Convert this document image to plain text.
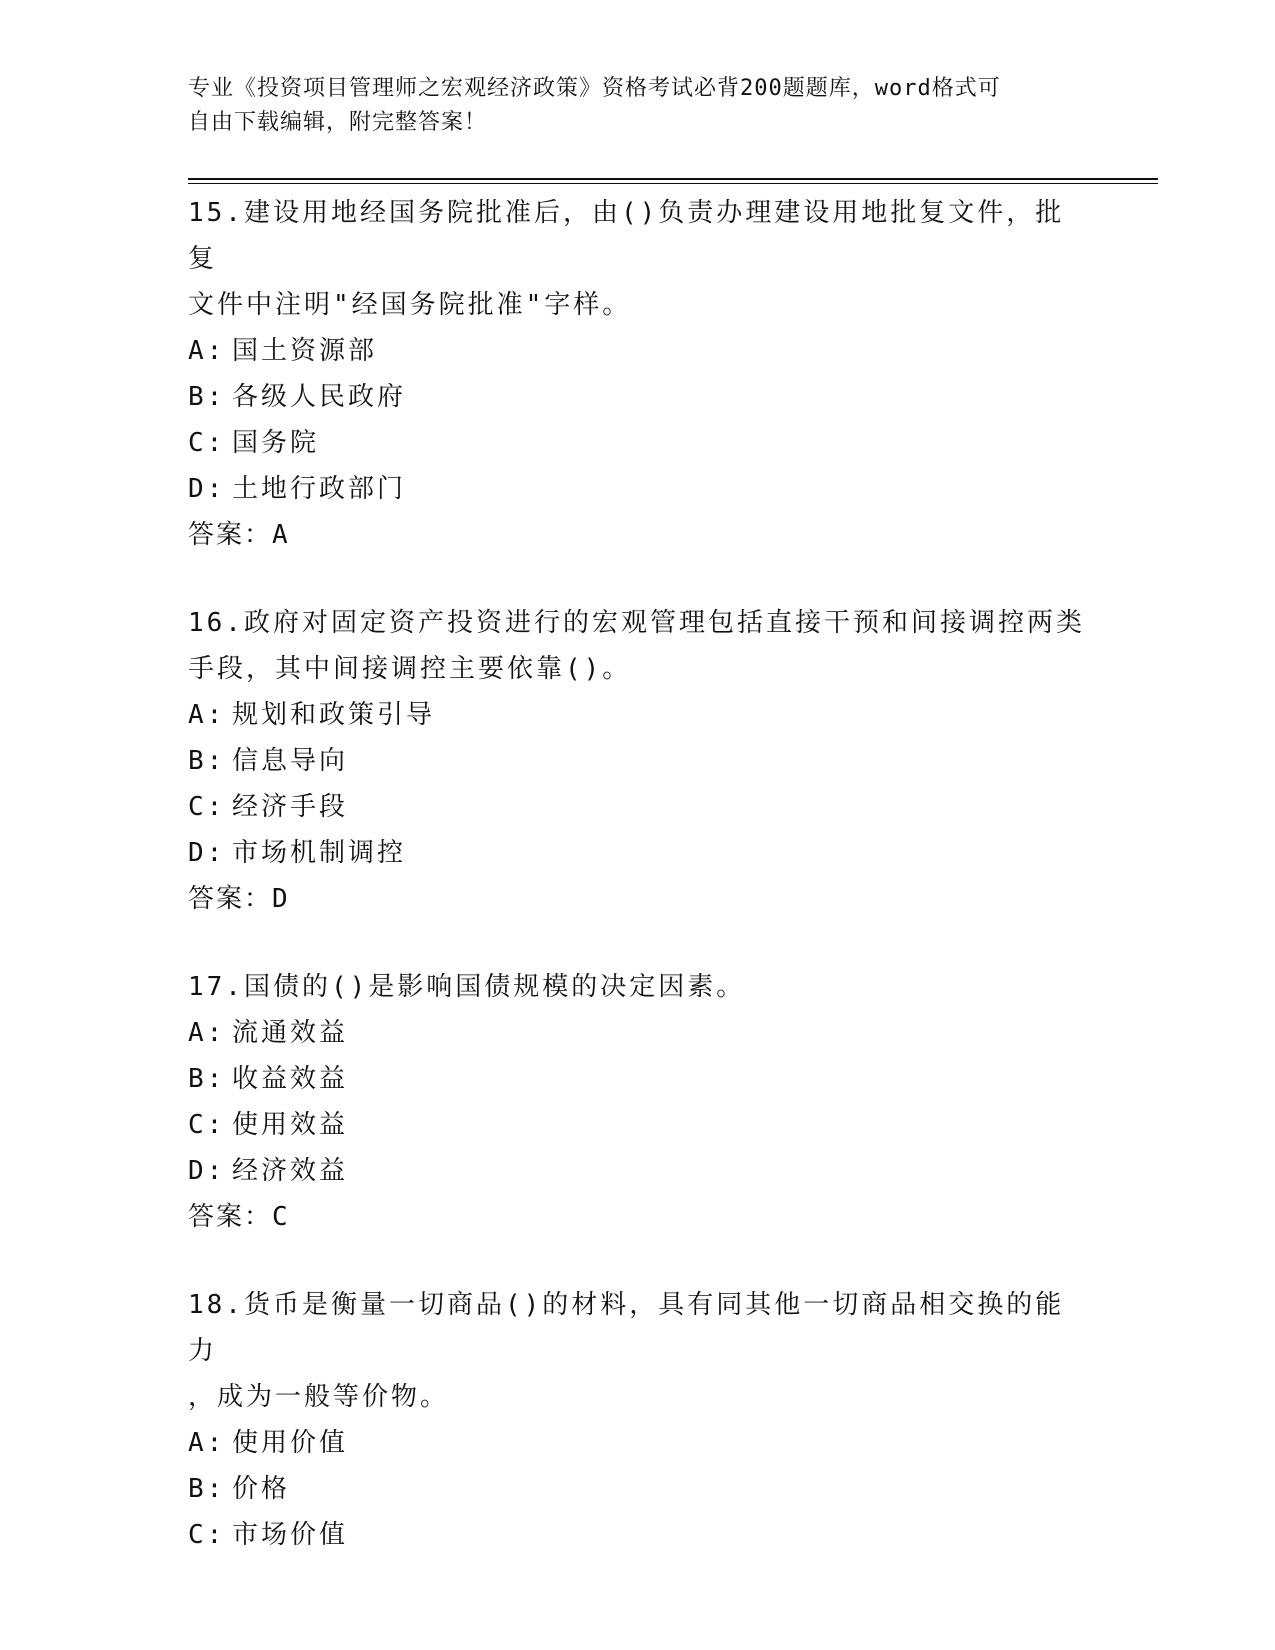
专业《投资项目管理师之宏观经济政策》资格考试必背200题题库，word格式可
自由下载编辑，附完整答案！

15.建设用地经国务院批准后，由()负责办理建设用地批复文件，批复

文件中注明"经国务院批准"字样。

A: 国土资源部

B: 各级人民政府

C: 国务院

D: 土地行政部门

答案：A

16.政府对固定资产投资进行的宏观管理包括直接干预和间接调控两类

手段，其中间接调控主要依靠()。

A: 规划和政策引导

B: 信息导向

C: 经济手段

D: 市场机制调控

答案：D

17.国债的()是影响国债规模的决定因素。

A: 流通效益

B: 收益效益

C: 使用效益

D: 经济效益

答案：C

18.货币是衡量一切商品()的材料，具有同其他一切商品相交换的能力

，成为一般等价物。

A: 使用价值

B: 价格

C: 市场价值
